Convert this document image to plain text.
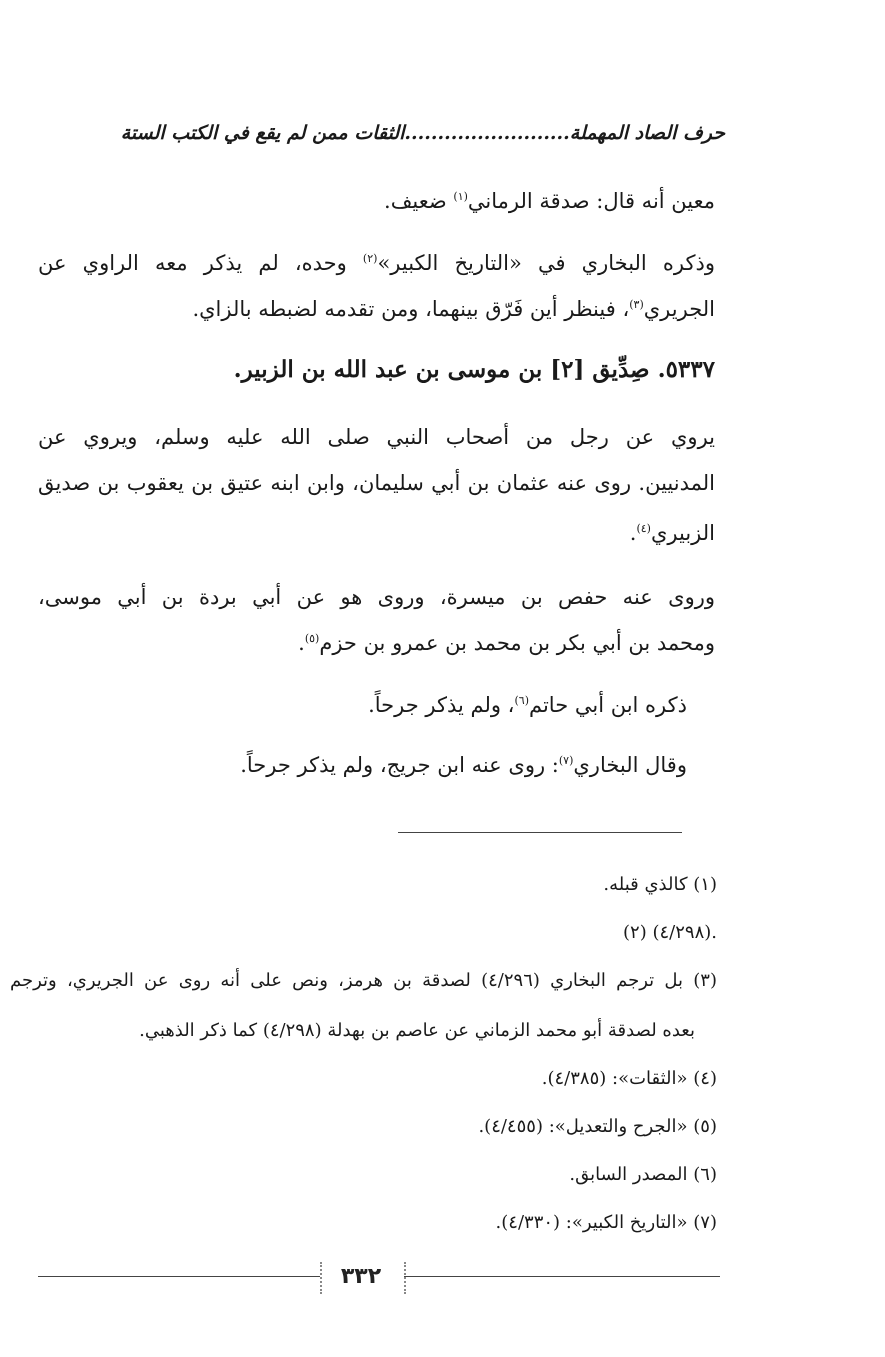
حرف الصاد المهملة.........................الثقات ممن لم يقع في الكتب الستة
معين أنه قال: صدقة الرماني$^{(١)}$ ضعيف.
وذكره البخاري في «التاريخ الكبير»$^{(٢)}$ وحده، لم يذكر معه الراوي عن
الجريري$^{(٣)}$، فينظر أين فَرّق بينهما، ومن تقدمه لضبطه بالزاي.
٥٣٣٧. صِدِّيق [٢] بن موسى بن عبد الله بن الزبير.
يروي عن رجل من أصحاب النبي صلى الله عليه وسلم، ويروي عن
المدنيين. روى عنه عثمان بن أبي سليمان، وابن ابنه عتيق بن يعقوب بن صديق
الزبيري$^{(٤)}$.
وروى عنه حفص بن ميسرة، وروى هو عن أبي بردة بن أبي موسى،
ومحمد بن أبي بكر بن محمد بن عمرو بن حزم$^{(٥)}$.
ذكره ابن أبي حاتم$^{(٦)}$، ولم يذكر جرحاً.
وقال البخاري$^{(٧)}$: روى عنه ابن جريج، ولم يذكر جرحاً.
(١) كالذي قبله.
(٢) (٤/٢٩٨).
(٣) بل ترجم البخاري (٤/٢٩٦) لصدقة بن هرمز، ونص على أنه روى عن الجريري، وترجم
بعده لصدقة أبو محمد الزماني عن عاصم بن بهدلة (٤/٢٩٨) كما ذكر الذهبي.
(٤) «الثقات»: (٤/٣٨٥).
(٥) «الجرح والتعديل»: (٤/٤٥٥).
(٦) المصدر السابق.
(٧) «التاريخ الكبير»: (٤/٣٣٠).
٣٣٢
